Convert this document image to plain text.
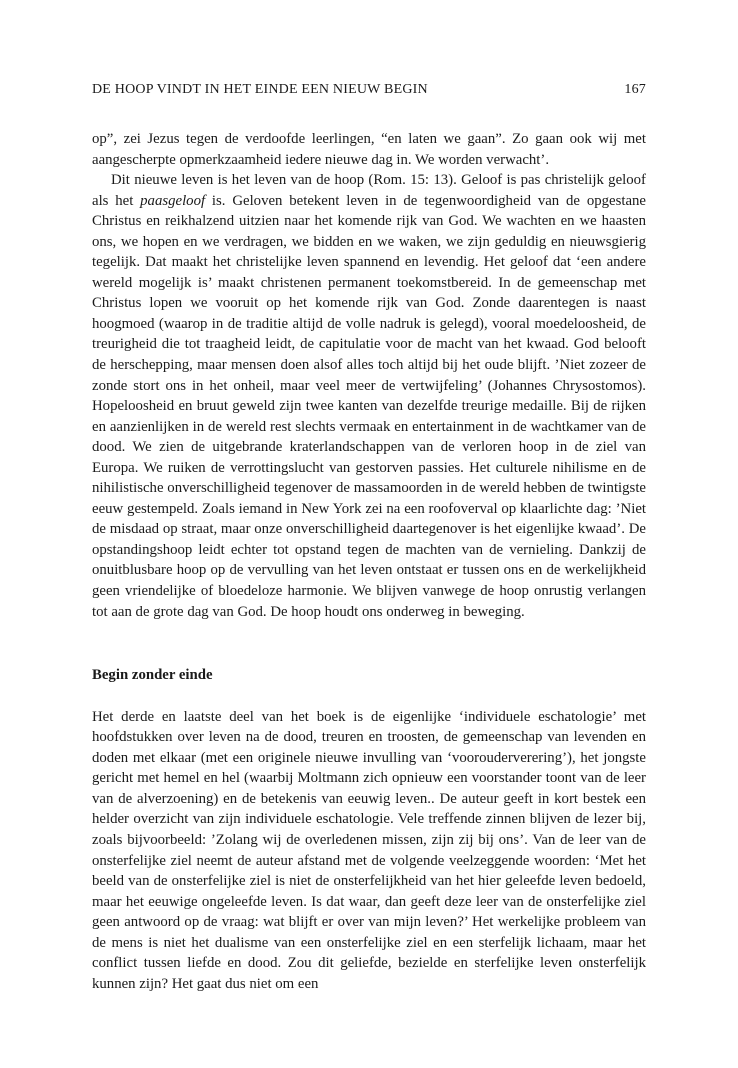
DE HOOP VINDT IN HET EINDE EEN NIEUW BEGIN	167

op”, zei Jezus tegen de verdoofde leerlingen, “en laten we gaan”. Zo gaan ook wij met aangescherpte opmerkzaamheid iedere nieuwe dag in. We worden verwacht’.

Dit nieuwe leven is het leven van de hoop (Rom. 15: 13). Geloof is pas christelijk geloof als het paasgeloof is. Geloven betekent leven in de tegenwoordigheid van de opgestane Christus en reikhalzend uitzien naar het komende rijk van God. We wachten en we haasten ons, we hopen en we verdragen, we bidden en we waken, we zijn geduldig en nieuwsgierig tegelijk. Dat maakt het christelijke leven spannend en levendig. Het geloof dat ‘een andere wereld mogelijk is’ maakt christenen permanent toekomstbereid. In de gemeenschap met Christus lopen we vooruit op het komende rijk van God. Zonde daarentegen is naast hoogmoed (waarop in de traditie altijd de volle nadruk is gelegd), vooral moedeloosheid, de treurigheid die tot traagheid leidt, de capitulatie voor de macht van het kwaad. God belooft de herschepping, maar mensen doen alsof alles toch altijd bij het oude blijft. ’Niet zozeer de zonde stort ons in het onheil, maar veel meer de vertwijfeling’ (Johannes Chrysostomos). Hopeloosheid en bruut geweld zijn twee kanten van dezelfde treurige medaille. Bij de rijken en aanzienlijken in de wereld rest slechts vermaak en entertainment in de wachtkamer van de dood. We zien de uitgebrande kraterlandschappen van de verloren hoop in de ziel van Europa. We ruiken de verrottingslucht van gestorven passies. Het culturele nihilisme en de nihilistische onverschilligheid tegenover de massamoorden in de wereld hebben de twintigste eeuw gestempeld. Zoals iemand in New York zei na een roofoverval op klaarlichte dag: ’Niet de misdaad op straat, maar onze onverschilligheid daartegenover is het eigenlijke kwaad’. De opstandingshoop leidt echter tot opstand tegen de machten van de vernieling. Dankzij de onuitblusbare hoop op de vervulling van het leven ontstaat er tussen ons en de werkelijkheid geen vriendelijke of bloedeloze harmonie. We blijven vanwege de hoop onrustig verlangen tot aan de grote dag van God. De hoop houdt ons onderweg in beweging.

Begin zonder einde

Het derde en laatste deel van het boek is de eigenlijke ‘individuele eschatologie’ met hoofdstukken over leven na de dood, treuren en troosten, de gemeenschap van levenden en doden met elkaar (met een originele nieuwe invulling van ‘voorouderverering’), het jongste gericht met hemel en hel (waarbij Moltmann zich opnieuw een voorstander toont van de leer van de alverzoening) en de betekenis van eeuwig leven.. De auteur geeft in kort bestek een helder overzicht van zijn individuele eschatologie. Vele treffende zinnen blijven de lezer bij, zoals bijvoorbeeld: ’Zolang wij de overledenen missen, zijn zij bij ons’. Van de leer van de onsterfelijke ziel neemt de auteur afstand met de volgende veelzeggende woorden: ‘Met het beeld van de onsterfelijke ziel is niet de onsterfelijkheid van het hier geleefde leven bedoeld, maar het eeuwige ongeleefde leven. Is dat waar, dan geeft deze leer van de onsterfelijke ziel geen antwoord op de vraag: wat blijft er over van mijn leven?’ Het werkelijke probleem van de mens is niet het dualisme van een onsterfelijke ziel en een sterfelijk lichaam, maar het conflict tussen liefde en dood. Zou dit geliefde, bezielde en sterfelijke leven onsterfelijk kunnen zijn? Het gaat dus niet om een
